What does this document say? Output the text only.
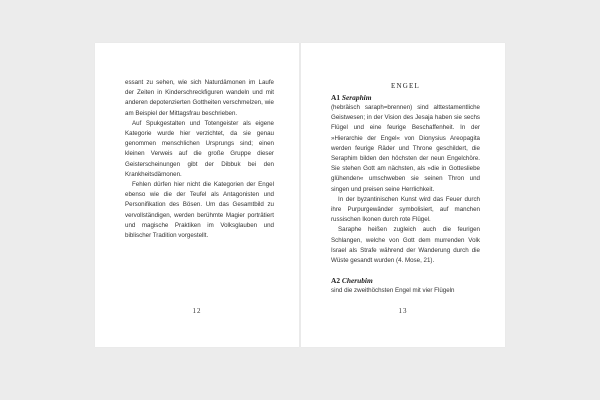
essant zu sehen, wie sich Naturdämonen im Laufe der Zeiten in Kinderschreckfiguren wandeln und mit anderen depotenzierten Gottheiten verschmelzen, wie am Beispiel der Mittagsfrau beschrieben.

Auf Spukgestalten und Totengeister als eigene Kategorie wurde hier verzichtet, da sie genau genommen menschlichen Ursprungs sind; einen kleinen Verweis auf die große Gruppe dieser Geisterscheinungen gibt der Dibbuk bei den Krankheitsdämonen.

Fehlen dürfen hier nicht die Kategorien der Engel ebenso wie die der Teufel als Antagonisten und Personifikation des Bösen. Um das Gesamtbild zu vervollständigen, werden berühmte Magier porträtiert und magische Praktiken im Volksglauben und biblischer Tradition vorgestellt.

12
ENGEL
A1 Seraphim

(hebräisch saraph=brennen) sind alttestamentliche Geistwesen; in der Vision des Jesaja haben sie sechs Flügel und eine feurige Beschaffenheit. In der »Hierarchie der Engel« von Dionysius Areopagita werden feurige Räder und Throne geschildert, die Seraphim bilden den höchsten der neun Engelchöre. Sie stehen Gott am nächsten, als »die in Gottesliebe glühenden« umschweben sie seinen Thron und singen und preisen seine Herrlichkeit.

In der byzantinischen Kunst wird das Feuer durch ihre Purpurgewänder symbolisiert, auf manchen russischen Ikonen durch rote Flügel.

Saraphe heißen zugleich auch die feurigen Schlangen, welche von Gott dem murrenden Volk Israel als Strafe während der Wanderung durch die Wüste gesandt wurden (4. Mose, 21).

A2 Cherubim

sind die zweithöchsten Engel mit vier Flügeln

13
